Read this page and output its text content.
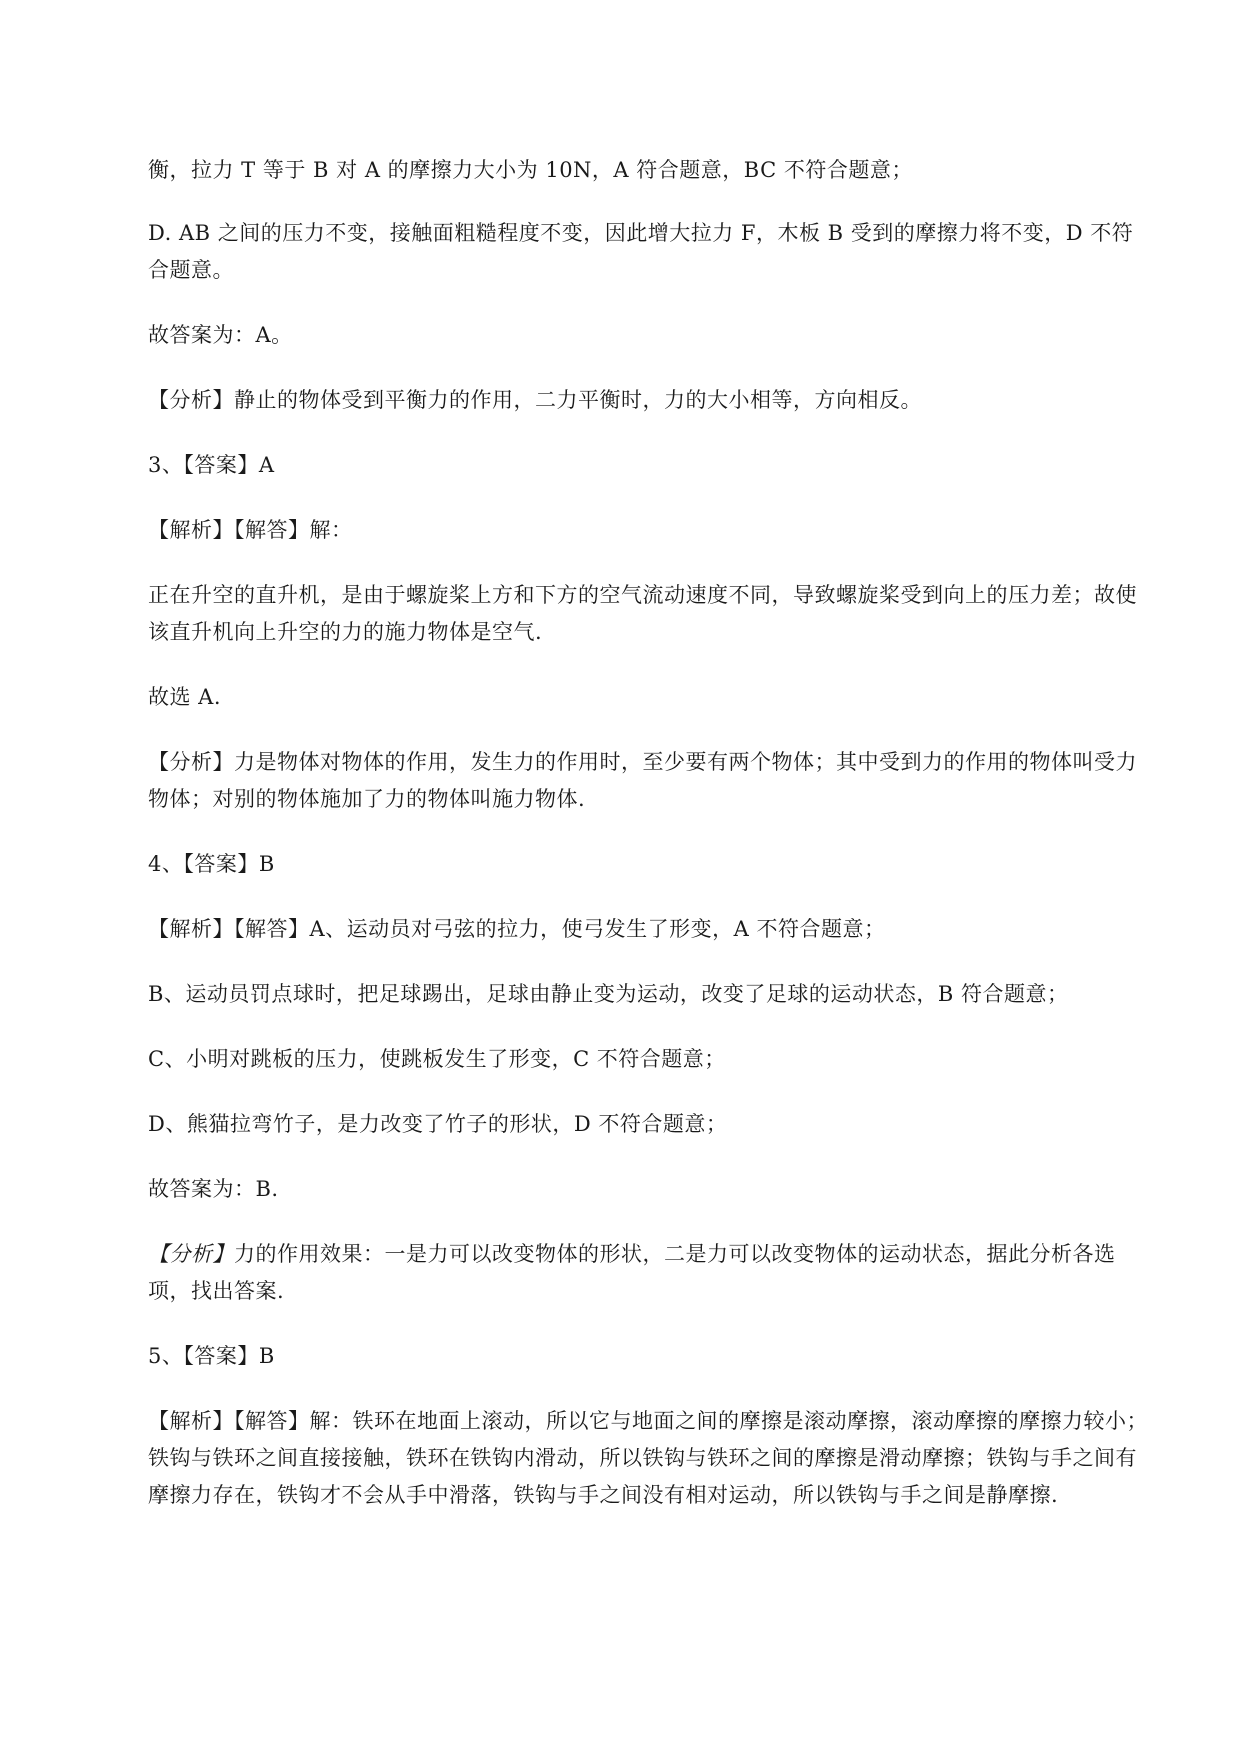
衡，拉力 T 等于 B 对 A 的摩擦力大小为 10N，A 符合题意，BC 不符合题意；

D. AB 之间的压力不变，接触面粗糙程度不变，因此增大拉力 F，木板 B 受到的摩擦力将不变，D 不符合题意。

故答案为：A。

【分析】静止的物体受到平衡力的作用，二力平衡时，力的大小相等，方向相反。

3、【答案】A

【解析】【解答】解：

正在升空的直升机，是由于螺旋桨上方和下方的空气流动速度不同，导致螺旋桨受到向上的压力差；故使该直升机向上升空的力的施力物体是空气.

故选 A.

【分析】力是物体对物体的作用，发生力的作用时，至少要有两个物体；其中受到力的作用的物体叫受力物体；对别的物体施加了力的物体叫施力物体.

4、【答案】B

【解析】【解答】A、运动员对弓弦的拉力，使弓发生了形变，A 不符合题意；

B、运动员罚点球时，把足球踢出，足球由静止变为运动，改变了足球的运动状态，B 符合题意；

C、小明对跳板的压力，使跳板发生了形变，C 不符合题意；

D、熊猫拉弯竹子，是力改变了竹子的形状，D 不符合题意；

故答案为：B.

【分析】力的作用效果：一是力可以改变物体的形状，二是力可以改变物体的运动状态，据此分析各选项，找出答案.

5、【答案】B

【解析】【解答】解：铁环在地面上滚动，所以它与地面之间的摩擦是滚动摩擦，滚动摩擦的摩擦力较小；铁钩与铁环之间直接接触，铁环在铁钩内滑动，所以铁钩与铁环之间的摩擦是滑动摩擦；铁钩与手之间有摩擦力存在，铁钩才不会从手中滑落，铁钩与手之间没有相对运动，所以铁钩与手之间是静摩擦.
